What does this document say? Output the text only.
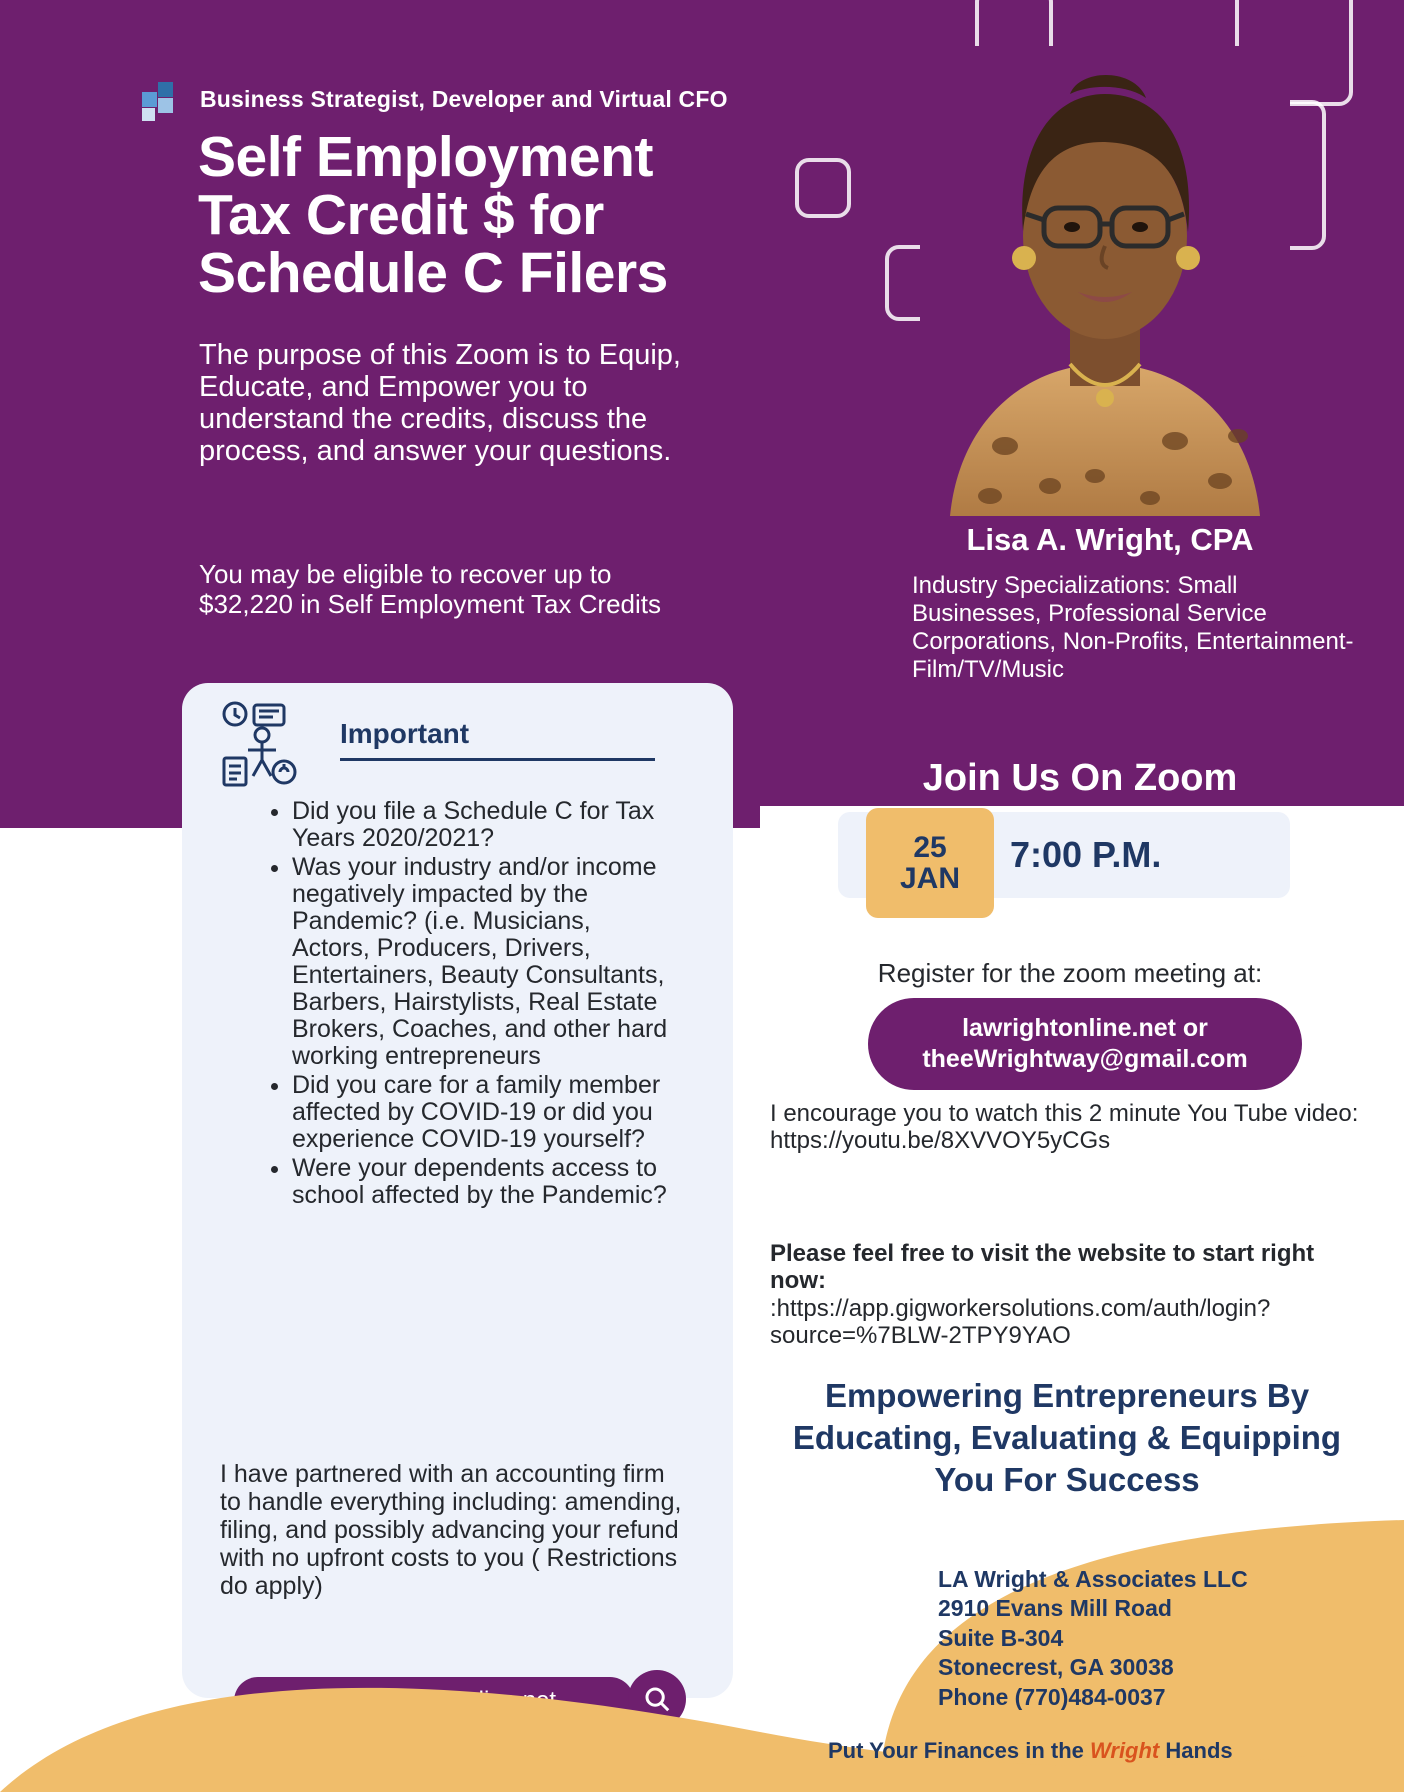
Business Strategist, Developer and Virtual CFO
Self Employment Tax Credit $ for Schedule C Filers
The purpose of this Zoom is to Equip, Educate, and Empower you to understand the credits, discuss the process, and answer your questions.
You may be eligible to recover up to $32,220 in Self Employment Tax Credits
Lisa A. Wright, CPA
Industry Specializations: Small Businesses, Professional Service Corporations, Non-Profits, Entertainment-Film/TV/Music
Important
• Did you file a Schedule C for Tax Years 2020/2021?
• Was your industry and/or income negatively impacted by the Pandemic? (i.e. Musicians, Actors, Producers, Drivers, Entertainers, Beauty Consultants, Barbers, Hairstylists, Real Estate Brokers, Coaches, and other hard working entrepreneurs
• Did you care for a family member affected by COVID-19 or did you experience COVID-19 yourself?
• Were your dependents access to school affected by the Pandemic?
I have partnered with an accounting firm to handle everything including: amending, filing, and possibly advancing your refund with no upfront costs to you ( Restrictions do apply)
Join Us On Zoom
25
JAN
7:00 P.M.
Register for the zoom meeting at:
lawrightonline.net or theeWrightway@gmail.com
I encourage you to watch this 2 minute You Tube video:
https://youtu.be/8XVVOY5yCGs
Please feel free to visit the website to start right now:
:https://app.gigworkersolutions.com/auth/login?source=%7BLW-2TPY9YAO
Empowering Entrepreneurs By Educating, Evaluating & Equipping You For Success
LA Wright & Associates LLC
2910 Evans Mill Road
Suite B-304
Stonecrest, GA 30038
Phone (770)484-0037
Put Your Finances in the Wright Hands
